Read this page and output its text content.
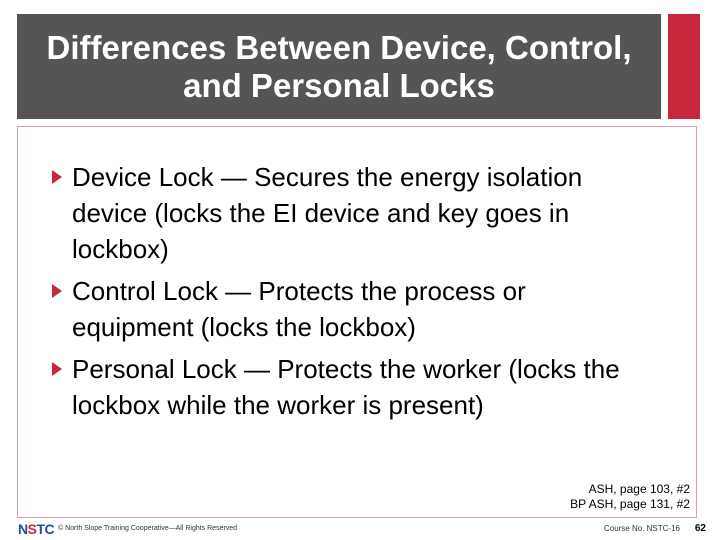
Differences Between Device, Control,
and Personal Locks
Device Lock — Secures the energy isolation device (locks the EI device and key goes in lockbox)
Control Lock — Protects the process or equipment (locks the lockbox)
Personal Lock — Protects the worker (locks the lockbox while the worker is present)
ASH, page 103, #2
BP ASH, page 131, #2
N S TC © North Slope Training Cooperative—All Rights Reserved	Course No. NSTC-16 62
